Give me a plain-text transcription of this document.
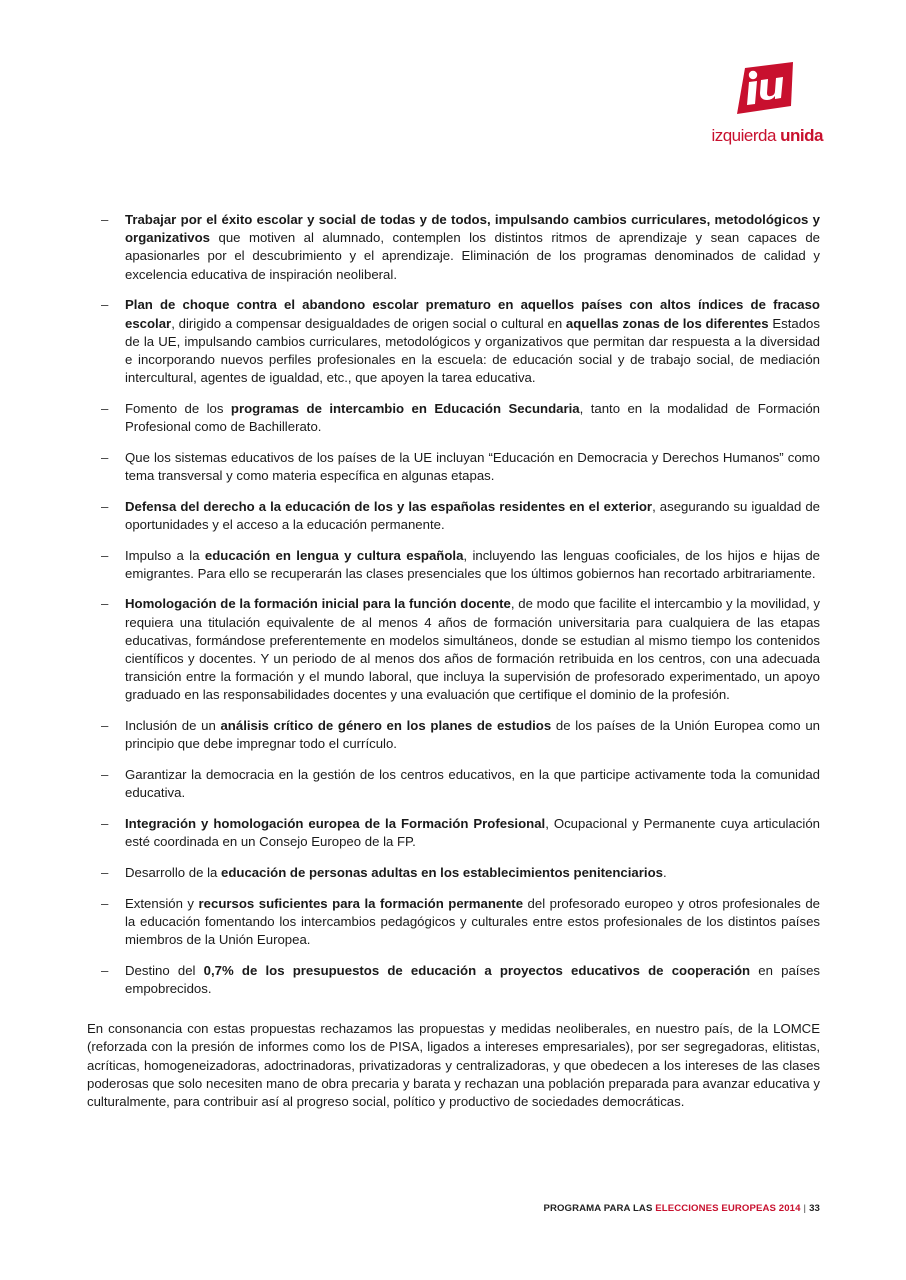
izquierda unida
– Trabajar por el éxito escolar y social de todas y de todos, impulsando cambios curriculares, metodológicos y organizativos que motiven al alumnado, contemplen los distintos ritmos de aprendizaje y sean capaces de apasionarles por el descubrimiento y el aprendizaje. Eliminación de los programas denominados de calidad y excelencia educativa de inspiración neoliberal.
– Plan de choque contra el abandono escolar prematuro en aquellos países con altos índices de fracaso escolar, dirigido a compensar desigualdades de origen social o cultural en aquellas zonas de los diferentes Estados de la UE, impulsando cambios curriculares, metodológicos y organizativos que permitan dar respuesta a la diversidad e incorporando nuevos perfiles profesionales en la escuela: de educación social y de trabajo social, de mediación intercultural, agentes de igualdad, etc., que apoyen la tarea educativa.
– Fomento de los programas de intercambio en Educación Secundaria, tanto en la modalidad de Formación Profesional como de Bachillerato.
– Que los sistemas educativos de los países de la UE incluyan “Educación en Democracia y Derechos Humanos” como tema transversal y como materia específica en algunas etapas.
– Defensa del derecho a la educación de los y las españolas residentes en el exterior, asegurando su igualdad de oportunidades y el acceso a la educación permanente.
– Impulso a la educación en lengua y cultura española, incluyendo las lenguas cooficiales, de los hijos e hijas de emigrantes. Para ello se recuperarán las clases presenciales que los últimos gobiernos han recortado arbitrariamente.
– Homologación de la formación inicial para la función docente, de modo que facilite el intercambio y la movilidad, y requiera una titulación equivalente de al menos 4 años de formación universitaria para cualquiera de las etapas educativas, formándose preferentemente en modelos simultáneos, donde se estudian al mismo tiempo los contenidos científicos y docentes. Y un periodo de al menos dos años de formación retribuida en los centros, con una adecuada transición entre la formación y el mundo laboral, que incluya la supervisión de profesorado experimentado, un apoyo graduado en las responsabilidades docentes y una evaluación que certifique el dominio de la profesión.
– Inclusión de un análisis crítico de género en los planes de estudios de los países de la Unión Europea como un principio que debe impregnar todo el currículo.
– Garantizar la democracia en la gestión de los centros educativos, en la que participe activamente toda la comunidad educativa.
– Integración y homologación europea de la Formación Profesional, Ocupacional y Permanente cuya articulación esté coordinada en un Consejo Europeo de la FP.
– Desarrollo de la educación de personas adultas en los establecimientos penitenciarios.
– Extensión y recursos suficientes para la formación permanente del profesorado europeo y otros profesionales de la educación fomentando los intercambios pedagógicos y culturales entre estos profesionales de los distintos países miembros de la Unión Europea.
– Destino del 0,7% de los presupuestos de educación a proyectos educativos de cooperación en países empobrecidos.

En consonancia con estas propuestas rechazamos las propuestas y medidas neoliberales, en nuestro país, de la LOMCE (reforzada con la presión de informes como los de PISA, ligados a intereses empresariales), por ser segregadoras, elitistas, acríticas, homogeneizadoras, adoctrinadoras, privatizadoras y centralizadoras, y que obedecen a los intereses de las clases poderosas que solo necesiten mano de obra precaria y barata y rechazan una población preparada para avanzar educativa y culturalmente, para contribuir así al progreso social, político y productivo de sociedades democráticas.

PROGRAMA PARA LAS ELECCIONES EUROPEAS 2014 | 33
